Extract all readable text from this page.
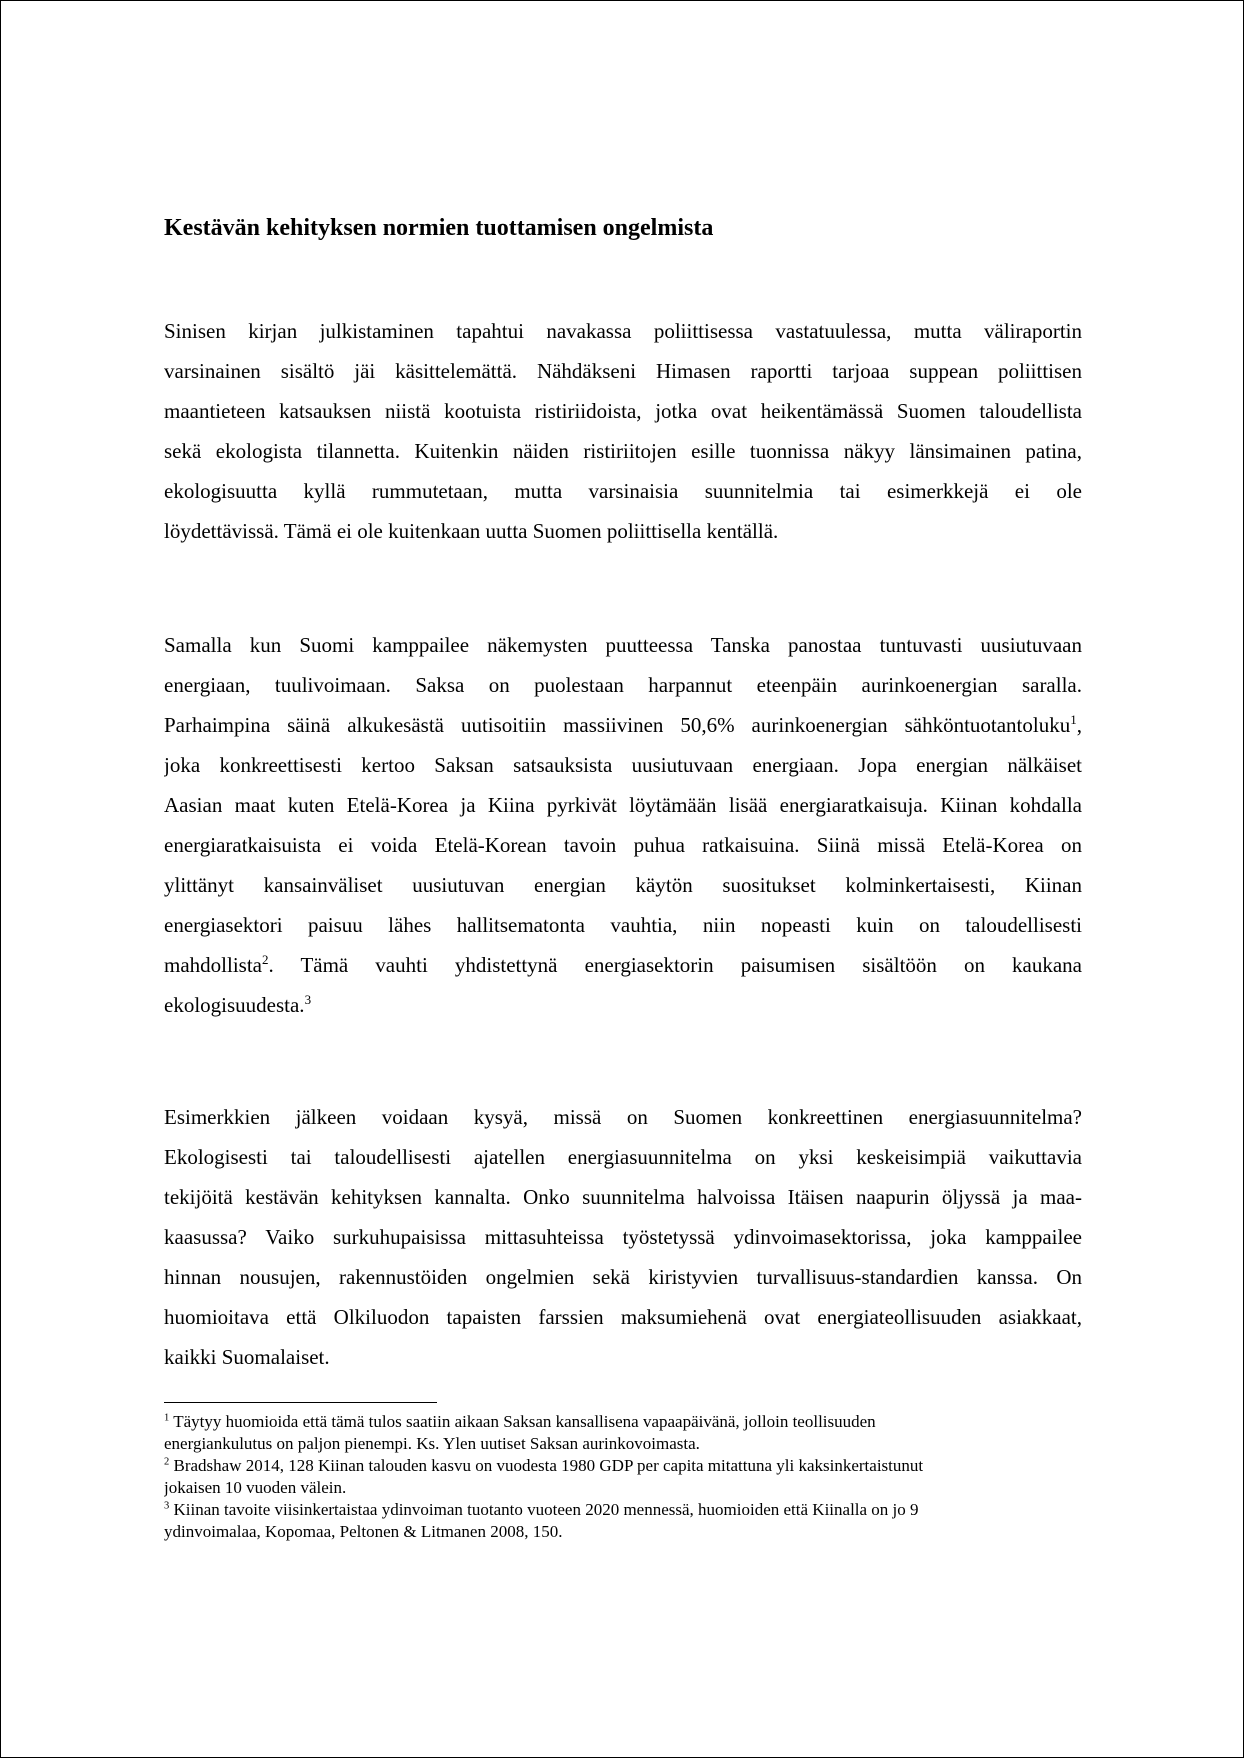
Kestävän kehityksen normien tuottamisen ongelmista
Sinisen kirjan julkistaminen tapahtui navakassa poliittisessa vastatuulessa, mutta väliraportin
varsinainen sisältö jäi käsittelemättä. Nähdäkseni Himasen raportti tarjoaa suppean poliittisen
maantieteen katsauksen niistä kootuista ristiriidoista, jotka ovat heikentämässä Suomen taloudellista
sekä ekologista tilannetta. Kuitenkin näiden ristiriitojen esille tuonnissa näkyy länsimainen patina,
ekologisuutta kyllä rummutetaan, mutta varsinaisia suunnitelmia tai esimerkkejä ei ole
löydettävissä. Tämä ei ole kuitenkaan uutta Suomen poliittisella kentällä.
Samalla kun Suomi kamppailee näkemysten puutteessa Tanska panostaa tuntuvasti uusiutuvaan
energiaan, tuulivoimaan. Saksa on puolestaan harpannut eteenpäin aurinkoenergian saralla.
Parhaimpina säinä alkukesästä uutisoitiin massiivinen 50,6% aurinkoenergian sähköntuotantoluku$^1$,
joka konkreettisesti kertoo Saksan satsauksista uusiutuvaan energiaan. Jopa energian nälkäiset
Aasian maat kuten Etelä-Korea ja Kiina pyrkivät löytämään lisää energiaratkaisuja. Kiinan kohdalla
energiaratkaisuista ei voida Etelä-Korean tavoin puhua ratkaisuina. Siinä missä Etelä-Korea on
ylittänyt kansainväliset uusiutuvan energian käytön suositukset kolminkertaisesti, Kiinan
energiasektori paisuu lähes hallitsematonta vauhtia, niin nopeasti kuin on taloudellisesti
mahdollista$^2$. Tämä vauhti yhdistettynä energiasektorin paisumisen sisältöön on kaukana
ekologisuudesta.$^3$
Esimerkkien jälkeen voidaan kysyä, missä on Suomen konkreettinen energiasuunnitelma?
Ekologisesti tai taloudellisesti ajatellen energiasuunnitelma on yksi keskeisimpiä vaikuttavia
tekijöitä kestävän kehityksen kannalta. Onko suunnitelma halvoissa Itäisen naapurin öljyssä ja maa-
kaasussa? Vaiko surkuhupaisissa mittasuhteissa työstetyssä ydinvoimasektorissa, joka kamppailee
hinnan nousujen, rakennustöiden ongelmien sekä kiristyvien turvallisuus-standardien kanssa. On
huomioitava että Olkiluodon tapaisten farssien maksumiehenä ovat energiateollisuuden asiakkaat,
kaikki Suomalaiset.
$^1$ Täytyy huomioida että tämä tulos saatiin aikaan Saksan kansallisena vapaapäivänä, jolloin teollisuuden
energiankulutus on paljon pienempi. Ks. Ylen uutiset Saksan aurinkovoimasta.
$^2$ Bradshaw 2014, 128 Kiinan talouden kasvu on vuodesta 1980 GDP per capita mitattuna yli kaksinkertaistunut
jokaisen 10 vuoden välein.
$^3$ Kiinan tavoite viisinkertaistaa ydinvoiman tuotanto vuoteen 2020 mennessä, huomioiden että Kiinalla on jo 9
ydinvoimalaa, Kopomaa, Peltonen & Litmanen 2008, 150.
